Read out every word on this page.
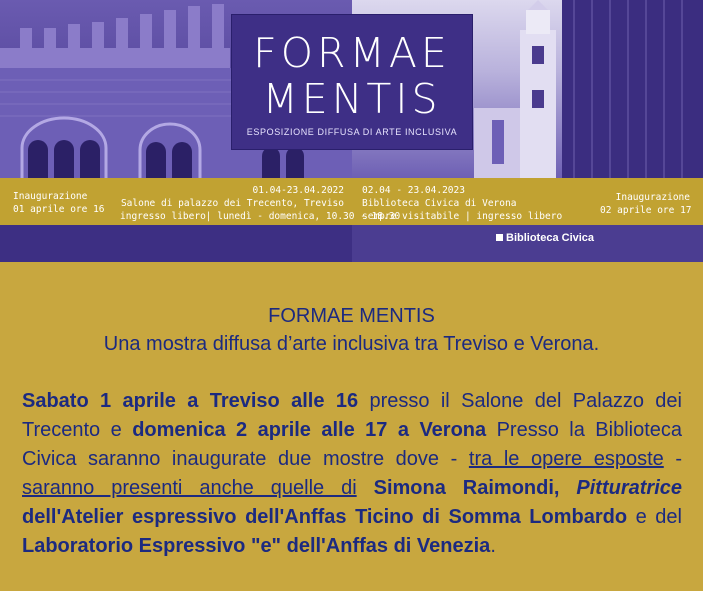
FORMAE
MENTIS
ESPOSIZIONE DIFFUSA DI ARTE INCLUSIVA
Inaugurazione
01 aprile ore 16
01.04-23.04.2022
Salone di palazzo dei Trecento, Treviso
ingresso libero| lunedì - domenica, 10.30 - 18.30
02.04 - 23.04.2023
Biblioteca Civica di Verona
sempre visitabile | ingresso libero
Inaugurazione
02 aprile ore 17
Biblioteca Civica
FORMAE MENTIS
Una mostra diffusa d’arte inclusiva tra Treviso e Verona.
Sabato 1 aprile a Treviso alle 16 presso il Salone del Palazzo dei Trecento e domenica 2 aprile alle 17 a Verona Presso la Biblioteca Civica saranno inaugurate due mostre dove - tra le opere esposte - saranno presenti anche quelle di Simona Raimondi, Pitturatrice dell'Atelier espressivo dell'Anffas Ticino di Somma Lombardo e del Laboratorio Espressivo "e" dell'Anffas di Venezia.
